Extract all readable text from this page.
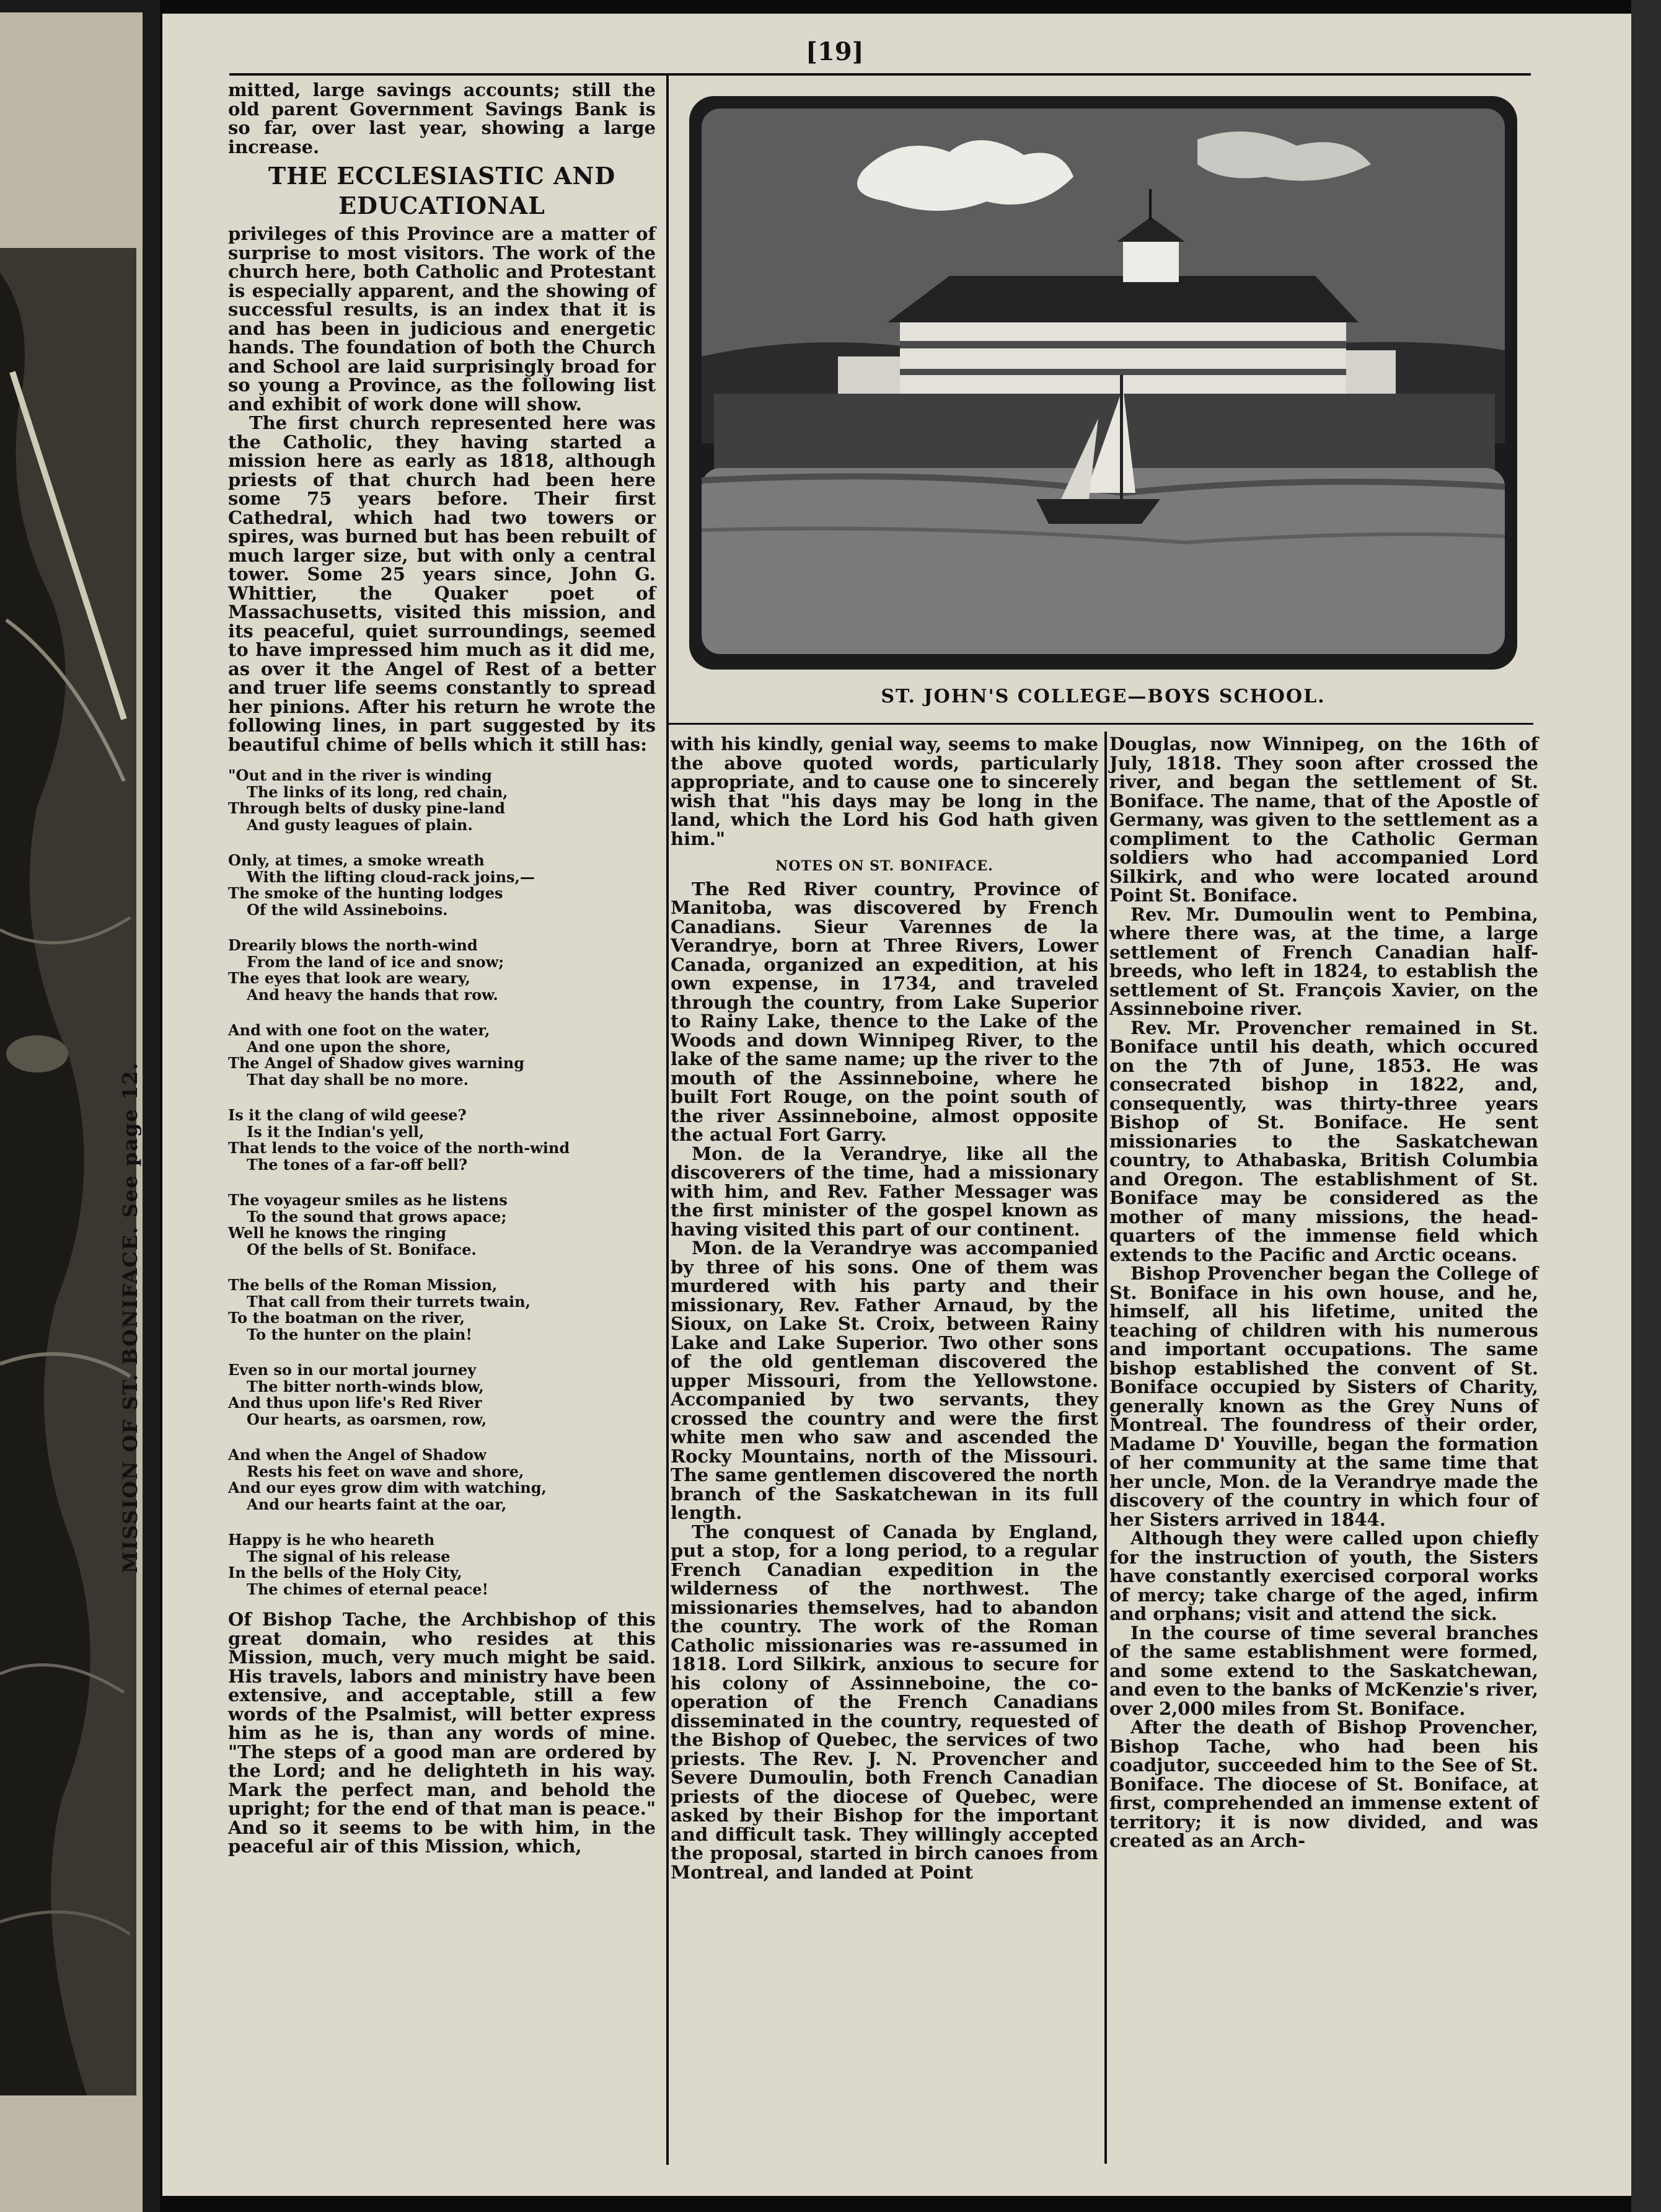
MISSION OF ST. BONIFACE. See page 12.
[19]
ST. JOHN'S COLLEGE—BOYS SCHOOL.

mitted, large savings accounts; still the old parent Government Savings Bank is so far, over last year, showing a large increase.

THE ECCLESIASTIC AND EDUCATIONAL

privileges of this Province are a matter of surprise to most visitors. The work of the church here, both Catholic and Protestant is especially apparent, and the showing of successful results, is an index that it is and has been in judicious and energetic hands. The foundation of both the Church and School are laid surprisingly broad for so young a Province, as the following list and exhibit of work done will show.

The first church represented here was the Catholic, they having started a mission here as early as 1818, although priests of that church had been here some 75 years before. Their first Cathedral, which had two towers or spires, was burned but has been rebuilt of much larger size, but with only a central tower. Some 25 years since, John G. Whittier, the Quaker poet of Massachusetts, visited this mission, and its peaceful, quiet surroundings, seemed to have impressed him much as it did me, as over it the Angel of Rest of a better and truer life seems constantly to spread her pinions. After his return he wrote the following lines, in part suggested by its beautiful chime of bells which it still has:

"Out and in the river is winding
The links of its long, red chain,
Through belts of dusky pine-land
And gusty leagues of plain.
Only, at times, a smoke wreath
With the lifting cloud-rack joins,—
The smoke of the hunting lodges
Of the wild Assineboins.
Drearily blows the north-wind
From the land of ice and snow;
The eyes that look are weary,
And heavy the hands that row.
And with one foot on the water,
And one upon the shore,
The Angel of Shadow gives warning
That day shall be no more.
Is it the clang of wild geese?
Is it the Indian's yell,
That lends to the voice of the north-wind
The tones of a far-off bell?
The voyageur smiles as he listens
To the sound that grows apace;
Well he knows the ringing
Of the bells of St. Boniface.
The bells of the Roman Mission,
That call from their turrets twain,
To the boatman on the river,
To the hunter on the plain!
Even so in our mortal journey
The bitter north-winds blow,
And thus upon life's Red River
Our hearts, as oarsmen, row,
And when the Angel of Shadow
Rests his feet on wave and shore,
And our eyes grow dim with watching,
And our hearts faint at the oar,
Happy is he who heareth
The signal of his release
In the bells of the Holy City,
The chimes of eternal peace!

Of Bishop Tache, the Archbishop of this great domain, who resides at this Mission, much, very much might be said. His travels, labors and ministry have been extensive, and acceptable, still a few words of the Psalmist, will better express him as he is, than any words of mine. "The steps of a good man are ordered by the Lord; and he delighteth in his way. Mark the perfect man, and behold the upright; for the end of that man is peace." And so it seems to be with him, in the peaceful air of this Mission, which,

with his kindly, genial way, seems to make the above quoted words, particularly appropriate, and to cause one to sincerely wish that "his days may be long in the land, which the Lord his God hath given him."

NOTES ON ST. BONIFACE.

The Red River country, Province of Manitoba, was discovered by French Canadians. Sieur Varennes de la Verandrye, born at Three Rivers, Lower Canada, organized an expedition, at his own expense, in 1734, and traveled through the country, from Lake Superior to Rainy Lake, thence to the Lake of the Woods and down Winnipeg River, to the lake of the same name; up the river to the mouth of the Assinneboine, where he built Fort Rouge, on the point south of the river Assinneboine, almost opposite the actual Fort Garry.

Mon. de la Verandrye, like all the discoverers of the time, had a missionary with him, and Rev. Father Messager was the first minister of the gospel known as having visited this part of our continent.

Mon. de la Verandrye was accompanied by three of his sons. One of them was murdered with his party and their missionary, Rev. Father Arnaud, by the Sioux, on Lake St. Croix, between Rainy Lake and Lake Superior. Two other sons of the old gentleman discovered the upper Missouri, from the Yellowstone. Accompanied by two servants, they crossed the country and were the first white men who saw and ascended the Rocky Mountains, north of the Missouri. The same gentlemen discovered the north branch of the Saskatchewan in its full length.

The conquest of Canada by England, put a stop, for a long period, to a regular French Canadian expedition in the wilderness of the northwest. The missionaries themselves, had to abandon the country. The work of the Roman Catholic missionaries was re-assumed in 1818. Lord Silkirk, anxious to secure for his colony of Assinneboine, the co-operation of the French Canadians disseminated in the country, requested of the Bishop of Quebec, the services of two priests. The Rev. J. N. Provencher and Severe Dumoulin, both French Canadian priests of the diocese of Quebec, were asked by their Bishop for the important and difficult task. They willingly accepted the proposal, started in birch canoes from Montreal, and landed at Point

Douglas, now Winnipeg, on the 16th of July, 1818. They soon after crossed the river, and began the settlement of St. Boniface. The name, that of the Apostle of Germany, was given to the settlement as a compliment to the Catholic German soldiers who had accompanied Lord Silkirk, and who were located around Point St. Boniface.

Rev. Mr. Dumoulin went to Pembina, where there was, at the time, a large settlement of French Canadian half-breeds, who left in 1824, to establish the settlement of St. François Xavier, on the Assinneboine river.

Rev. Mr. Provencher remained in St. Boniface until his death, which occured on the 7th of June, 1853. He was consecrated bishop in 1822, and, consequently, was thirty-three years Bishop of St. Boniface. He sent missionaries to the Saskatchewan country, to Athabaska, British Columbia and Oregon. The establishment of St. Boniface may be considered as the mother of many missions, the head-quarters of the immense field which extends to the Pacific and Arctic oceans.

Bishop Provencher began the College of St. Boniface in his own house, and he, himself, all his lifetime, united the teaching of children with his numerous and important occupations. The same bishop established the convent of St. Boniface occupied by Sisters of Charity, generally known as the Grey Nuns of Montreal. The foundress of their order, Madame D' Youville, began the formation of her community at the same time that her uncle, Mon. de la Verandrye made the discovery of the country in which four of her Sisters arrived in 1844.

Although they were called upon chiefly for the instruction of youth, the Sisters have constantly exercised corporal works of mercy; take charge of the aged, infirm and orphans; visit and attend the sick.

In the course of time several branches of the same establishment were formed, and some extend to the Saskatchewan, and even to the banks of McKenzie's river, over 2,000 miles from St. Boniface.

After the death of Bishop Provencher, Bishop Tache, who had been his coadjutor, succeeded him to the See of St. Boniface. The diocese of St. Boniface, at first, comprehended an immense extent of territory; it is now divided, and was created as an Arch-
